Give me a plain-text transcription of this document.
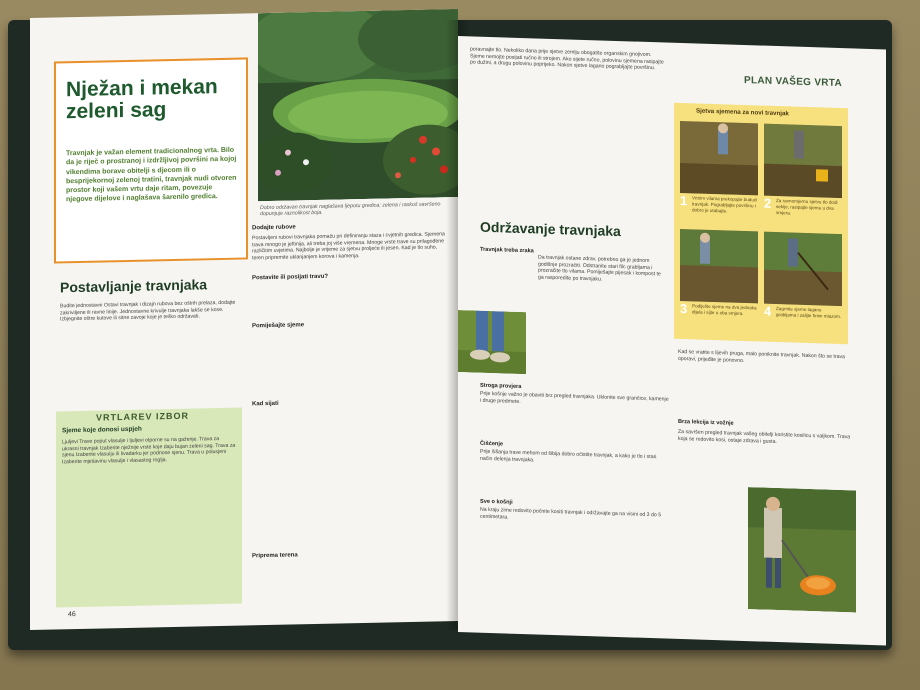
Dobro održavan travnjak naglašava ljepotu gredica; zelena i raskoš savršeno dopunjuje raznolikost boja.
Nježan i mekan zeleni sag
Travnjak je važan element tradicionalnog vrta. Bilo da je riječ o prostranoj i izdržljivoj površini na kojoj vikendima borave obitelji s djecom ili o besprijekornoj zelenoj tratini, travnjak nudi otvoren prostor koji vašem vrtu daje ritam, povezuje njegove dijelove i naglašava šarenilo gredica.
Postavljanje travnjaka
Budite jednostavni Ostavi travnjak i dizajn rubova bez oštrih prelaza, dodajte zakriviljene ili ravne linije. Jednostavne krivulje travnjaka lakše se kose. Izbjegnite oštre kutove ili sitne zavoje koje je teško održavati.
VRTLAREV IZBOR
Sjeme koje donosi uspjeh
Ljuljevi Trave poput vlasulje i ljuljevi otporne su na gaženje. Trava za ukrasni travnjak Izaberite nježnije vrste koje daju bujan zeleni sag. Trava za sjenu Izaberite vlasulju ili livadarku jer podnose sjenu. Trava u polusjeni Izaberite mješavinu vlasulje i vlasastog roglja.
Dodajte rubove
Postavljeni rubovi travnjaka pomažu pri definiranju staza i cvjetnih gredica. Sjemena trava mnogo je jeftinija, ali treba joj više vremena. Mnoge vrste trave su prilagođene različitim uvjetima. Najbolje je vrijeme za sjetvu proljeće ili jesen. Kad je tlo suho, teren pripremite uklanjanjem korova i kamenja.
Postavite ili posijati travu?
Pomiješajte sjeme
Kad sijati
Priprema terena
46
PLAN VAŠEG VRTA
poravnajte tlo. Nekoliko dana prije sjetve zemlju obogatite organskim gnojivom. Sjeme nemojte posijati ručno ili strojem. Ako sijete ručno, polovinu sjemena rasipajte po dužini, a drugu polovinu poprijeko. Nakon sjetve lagano pograbljajte površinu.
Održavanje travnjaka
Travnjak treba zraka
Da travnjak ostane zdrav, potrebno ga je jednom godišnje prozračiti. Odstranite stari filc grabljama i prozračite tlo vilama. Pomiješajte pijesak i kompost te ga rasporedite po travnjaku.
Stroga provjera
Prije košnje važno je obaviti brz pregled travnjaka. Uklonite sve grančice, kamenje i druge predmete.
Čišćenje
Prije šišanja trave mehom od šibija dobro očistite travnjak, a kako je tlo i stari način delenja travnjaka.
Sve o košnji
Na kraju zime redovito počnite kositi travnjak i održavajte ga na visini od 3 do 5 centimetara.
Sjetva sjemena za novi travnjak
1 Vrtnim vilama prekopajte budući travnjak. Pograbljajte površinu i dobro je utabajte.	2 Za ravnomjernu sjetvu tlo dodi sekije, rasipajte sjeme u dva smjera.
3 Podijelite sjeme na dva jednaka dijela i sijte u oba smjera.	4 Zagrnite sjeme lagano grabljama i zalijte finim mlazom.
Kad se vratite s lijevih pruga, malo poniknite travnjak. Nakon što se trava oporavi, prijeđite je ponovno.
Brza lekcija iz vožnje
Za savršen pregled travnjak vašeg obitelji koristite kosilicu s valjkom. Trava koja se redovito kosi, ostaje zdrava i gusta.
